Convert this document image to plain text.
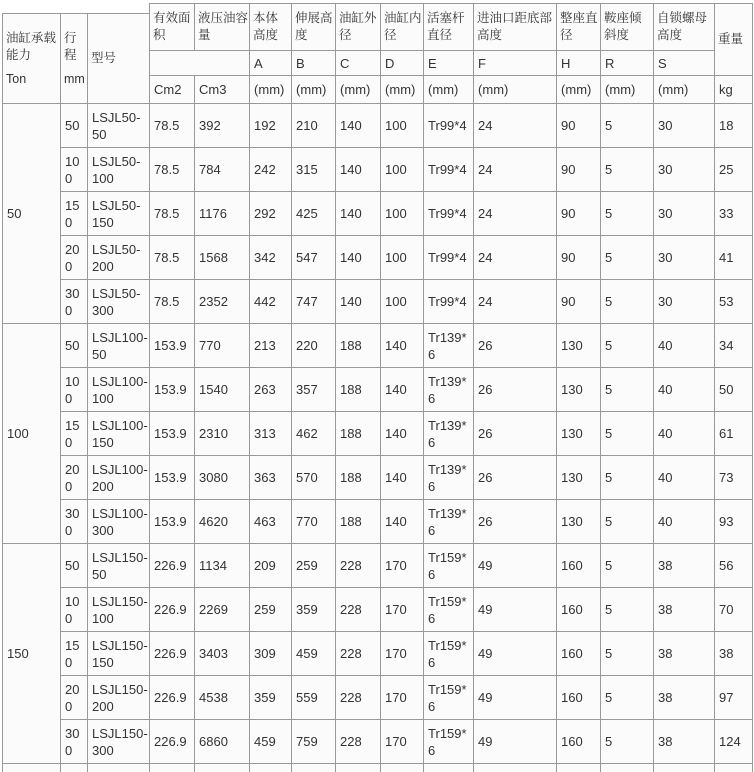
			有效面积	液压油容量	本体高度	伸展高度	油缸外径	油缸内径	活塞杆直径	进油口距底部高度	整座直径	鞍座倾斜度	自锁螺母高度	重量

油缸承载能力
Ton	行程
mm	型号												
					A	B	C	D	E	F	H	R	S	
			Cm2	Cm3	(mm)	(mm)	(mm)	(mm)	(mm)	(mm)	(mm)	(mm)	(mm)	kg
50	50	LSJL50-50	78.5	392	192	210	140	100	Tr99*4	24	90	5	30	18
	100	LSJL50-100	78.5	784	242	315	140	100	Tr99*4	24	90	5	30	25
	150	LSJL50-150	78.5	1176	292	425	140	100	Tr99*4	24	90	5	30	33
	200	LSJL50-200	78.5	1568	342	547	140	100	Tr99*4	24	90	5	30	41
	300	LSJL50-300	78.5	2352	442	747	140	100	Tr99*4	24	90	5	30	53
100	50	LSJL100-50	153.9	770	213	220	188	140	Tr139*6	26	130	5	40	34
	100	LSJL100-100	153.9	1540	263	357	188	140	Tr139*6	26	130	5	40	50
	150	LSJL100-150	153.9	2310	313	462	188	140	Tr139*6	26	130	5	40	61
	200	LSJL100-200	153.9	3080	363	570	188	140	Tr139*6	26	130	5	40	73
	300	LSJL100-300	153.9	4620	463	770	188	140	Tr139*6	26	130	5	40	93
150	50	LSJL150-50	226.9	1134	209	259	228	170	Tr159*6	49	160	5	38	56
	100	LSJL150-100	226.9	2269	259	359	228	170	Tr159*6	49	160	5	38	70
	150	LSJL150-150	226.9	3403	309	459	228	170	Tr159*6	49	160	5	38	38
	200	LSJL150-200	226.9	4538	359	559	228	170	Tr159*6	49	160	5	38	97
	300	LSJL150-300	226.9	6860	459	759	228	170	Tr159*6	49	160	5	38	124
